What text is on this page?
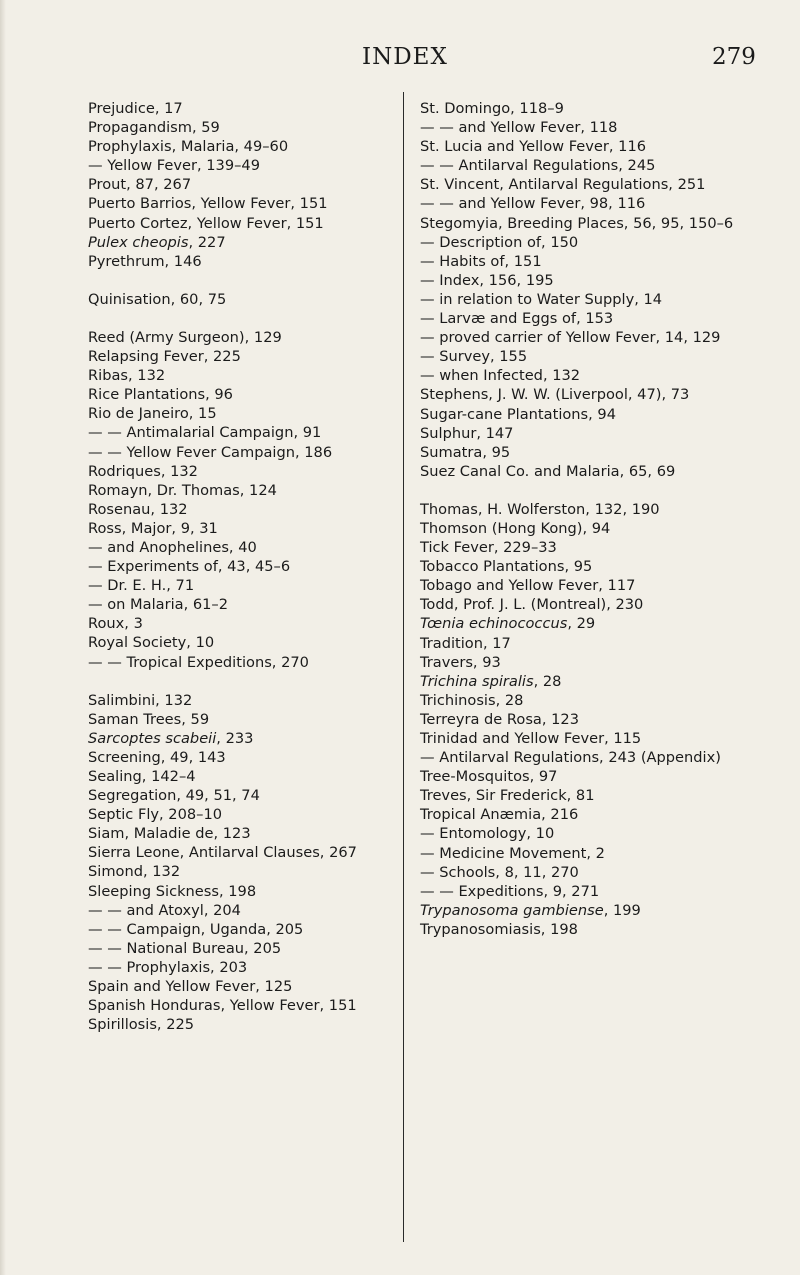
INDEX	279
Prejudice, 17
Propagandism, 59
Prophylaxis, Malaria, 49–60
— Yellow Fever, 139–49
Prout, 87, 267
Puerto Barrios, Yellow Fever, 151
Puerto Cortez, Yellow Fever, 151
Pulex cheopis, 227
Pyrethrum, 146
Quinisation, 60, 75
Reed (Army Surgeon), 129
Relapsing Fever, 225
Ribas, 132
Rice Plantations, 96
Rio de Janeiro, 15
— — Antimalarial Campaign, 91
— — Yellow Fever Campaign, 186
Rodriques, 132
Romayn, Dr. Thomas, 124
Rosenau, 132
Ross, Major, 9, 31
— and Anophelines, 40
— Experiments of, 43, 45–6
— Dr. E. H., 71
— on Malaria, 61–2
Roux, 3
Royal Society, 10
— — Tropical Expeditions, 270
Salimbini, 132
Saman Trees, 59
Sarcoptes scabeii, 233
Screening, 49, 143
Sealing, 142–4
Segregation, 49, 51, 74
Septic Fly, 208–10
Siam, Maladie de, 123
Sierra Leone, Antilarval Clauses, 267
Simond, 132
Sleeping Sickness, 198
— — and Atoxyl, 204
— — Campaign, Uganda, 205
— — National Bureau, 205
— — Prophylaxis, 203
Spain and Yellow Fever, 125
Spanish Honduras, Yellow Fever, 151
Spirillosis, 225
St. Domingo, 118–9
— — and Yellow Fever, 118
St. Lucia and Yellow Fever, 116
— — Antilarval Regulations, 245
St. Vincent, Antilarval Regulations, 251
— — and Yellow Fever, 98, 116
Stegomyia, Breeding Places, 56, 95, 150–6
— Description of, 150
— Habits of, 151
— Index, 156, 195
— in relation to Water Supply, 14
— Larvæ and Eggs of, 153
— proved carrier of Yellow Fever, 14, 129
— Survey, 155
— when Infected, 132
Stephens, J. W. W. (Liverpool, 47), 73
Sugar-cane Plantations, 94
Sulphur, 147
Sumatra, 95
Suez Canal Co. and Malaria, 65, 69
Thomas, H. Wolferston, 132, 190
Thomson (Hong Kong), 94
Tick Fever, 229–33
Tobacco Plantations, 95
Tobago and Yellow Fever, 117
Todd, Prof. J. L. (Montreal), 230
Tœnia echinococcus, 29
Tradition, 17
Travers, 93
Trichina spiralis, 28
Trichinosis, 28
Terreyra de Rosa, 123
Trinidad and Yellow Fever, 115
— Antilarval Regulations, 243 (Appendix)
Tree-Mosquitos, 97
Treves, Sir Frederick, 81
Tropical Anæmia, 216
— Entomology, 10
— Medicine Movement, 2
— Schools, 8, 11, 270
— — Expeditions, 9, 271
Trypanosoma gambiense, 199
Trypanosomiasis, 198
